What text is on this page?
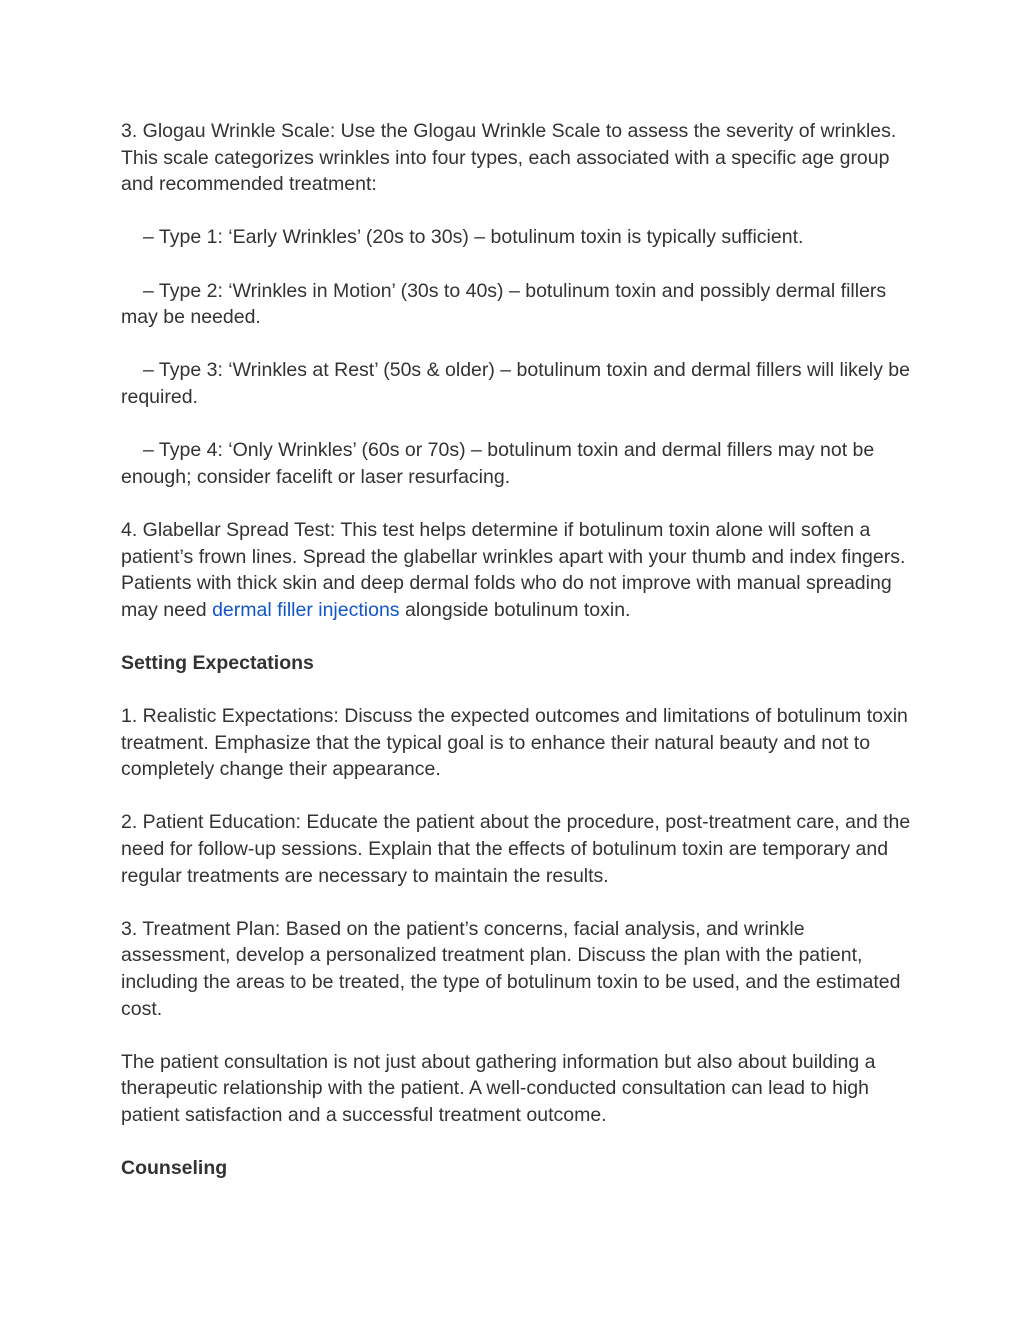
3. Glogau Wrinkle Scale: Use the Glogau Wrinkle Scale to assess the severity of wrinkles. This scale categorizes wrinkles into four types, each associated with a specific age group and recommended treatment:

– Type 1: ‘Early Wrinkles’ (20s to 30s) – botulinum toxin is typically sufficient.

– Type 2: ‘Wrinkles in Motion’ (30s to 40s) – botulinum toxin and possibly dermal fillers may be needed.

– Type 3: ‘Wrinkles at Rest’ (50s & older) – botulinum toxin and dermal fillers will likely be required.

– Type 4: ‘Only Wrinkles’ (60s or 70s) – botulinum toxin and dermal fillers may not be enough; consider facelift or laser resurfacing.

4. Glabellar Spread Test: This test helps determine if botulinum toxin alone will soften a patient’s frown lines. Spread the glabellar wrinkles apart with your thumb and index fingers. Patients with thick skin and deep dermal folds who do not improve with manual spreading may need dermal filler injections alongside botulinum toxin.

Setting Expectations

1. Realistic Expectations: Discuss the expected outcomes and limitations of botulinum toxin treatment. Emphasize that the typical goal is to enhance their natural beauty and not to completely change their appearance.

2. Patient Education: Educate the patient about the procedure, post-treatment care, and the need for follow-up sessions. Explain that the effects of botulinum toxin are temporary and regular treatments are necessary to maintain the results.

3. Treatment Plan: Based on the patient’s concerns, facial analysis, and wrinkle assessment, develop a personalized treatment plan. Discuss the plan with the patient, including the areas to be treated, the type of botulinum toxin to be used, and the estimated cost.

The patient consultation is not just about gathering information but also about building a therapeutic relationship with the patient. A well-conducted consultation can lead to high patient satisfaction and a successful treatment outcome.

Counseling
